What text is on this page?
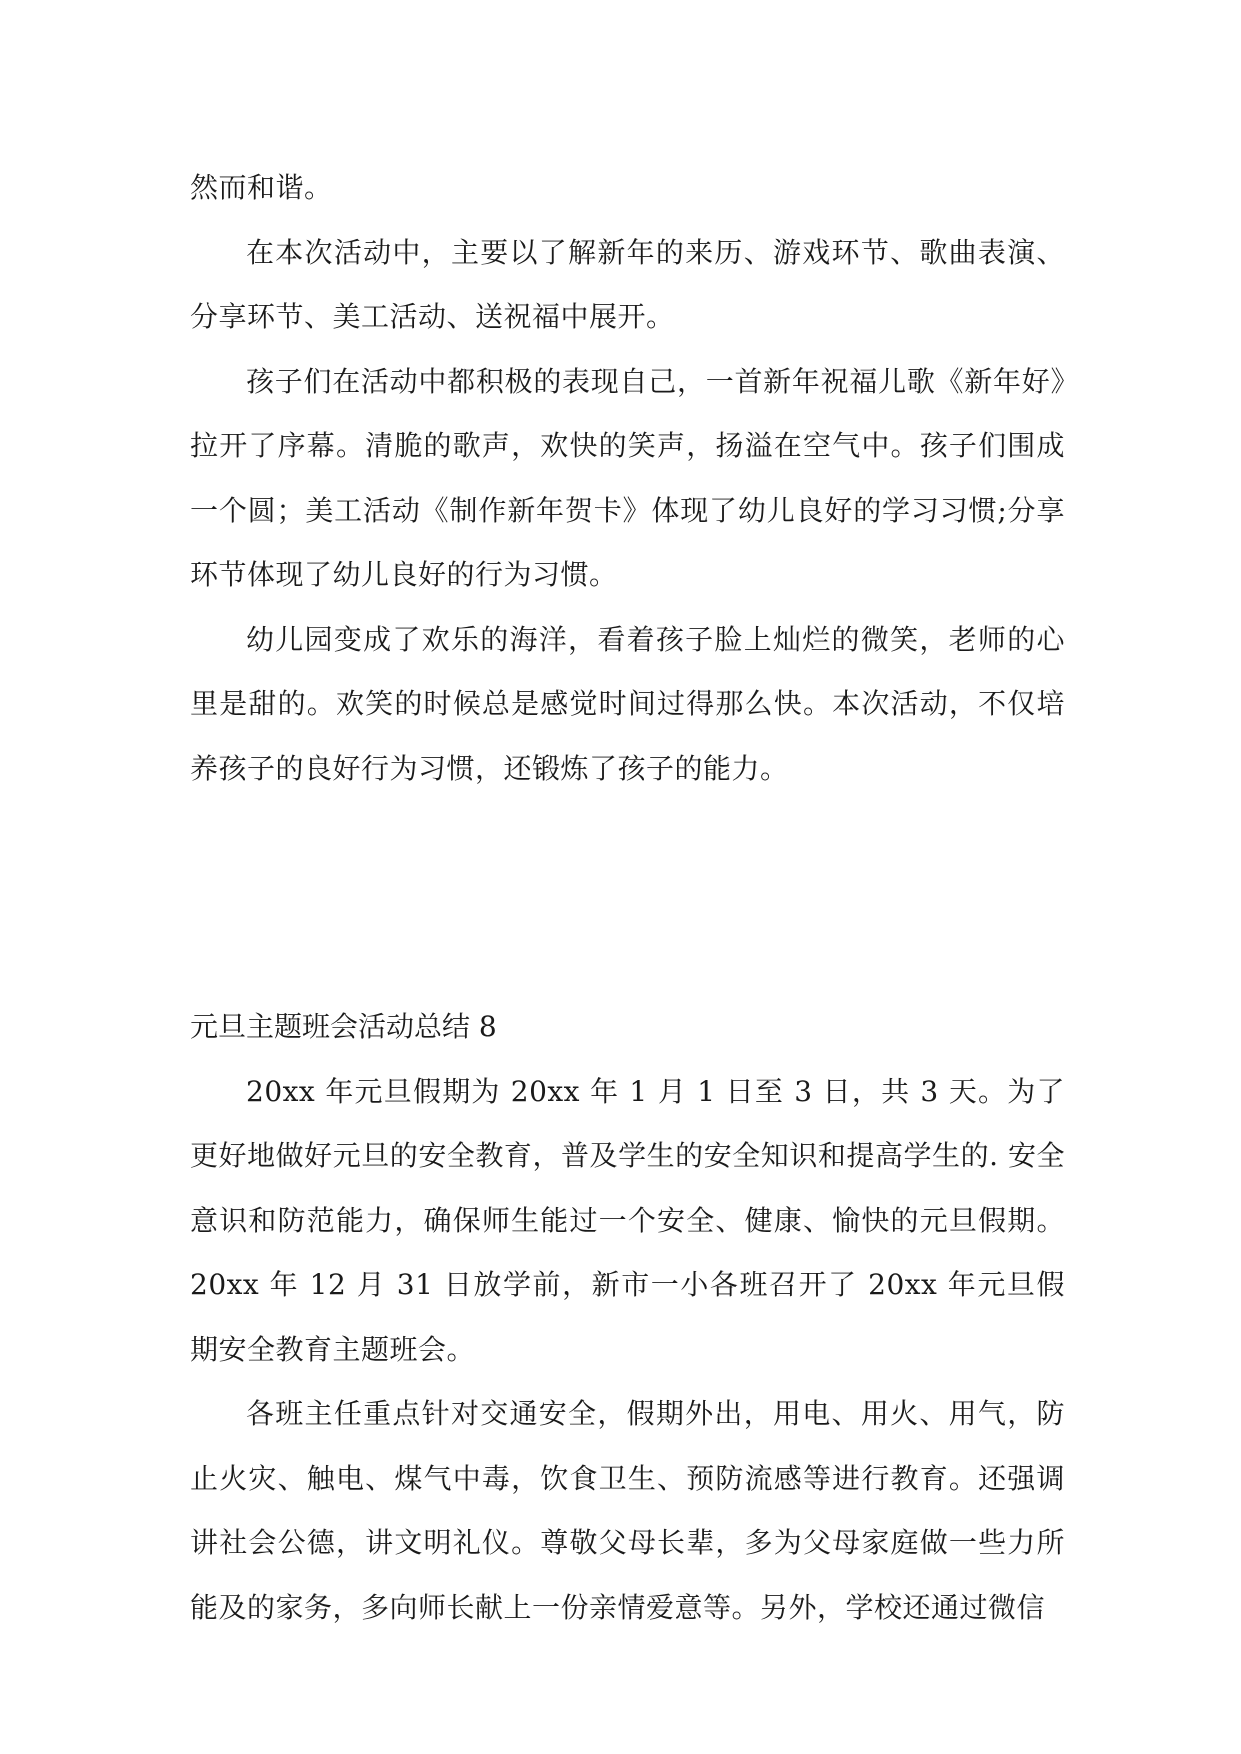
然而和谐。

在本次活动中，主要以了解新年的来历、游戏环节、歌曲表演、分享环节、美工活动、送祝福中展开。

孩子们在活动中都积极的表现自己，一首新年祝福儿歌《新年好》拉开了序幕。清脆的歌声，欢快的笑声，扬溢在空气中。孩子们围成一个圆；美工活动《制作新年贺卡》体现了幼儿良好的学习习惯;分享环节体现了幼儿良好的行为习惯。

幼儿园变成了欢乐的海洋，看着孩子脸上灿烂的微笑，老师的心里是甜的。欢笑的时候总是感觉时间过得那么快。本次活动，不仅培养孩子的良好行为习惯，还锻炼了孩子的能力。

元旦主题班会活动总结 8

20xx 年元旦假期为 20xx 年 1 月 1 日至 3 日，共 3 天。为了更好地做好元旦的安全教育，普及学生的安全知识和提高学生的. 安全意识和防范能力，确保师生能过一个安全、健康、愉快的元旦假期。20xx 年 12 月 31 日放学前，新市一小各班召开了 20xx 年元旦假期安全教育主题班会。

各班主任重点针对交通安全，假期外出，用电、用火、用气，防止火灾、触电、煤气中毒，饮食卫生、预防流感等进行教育。还强调讲社会公德，讲文明礼仪。尊敬父母长辈，多为父母家庭做一些力所能及的家务，多向师长献上一份亲情爱意等。另外，学校还通过微信
